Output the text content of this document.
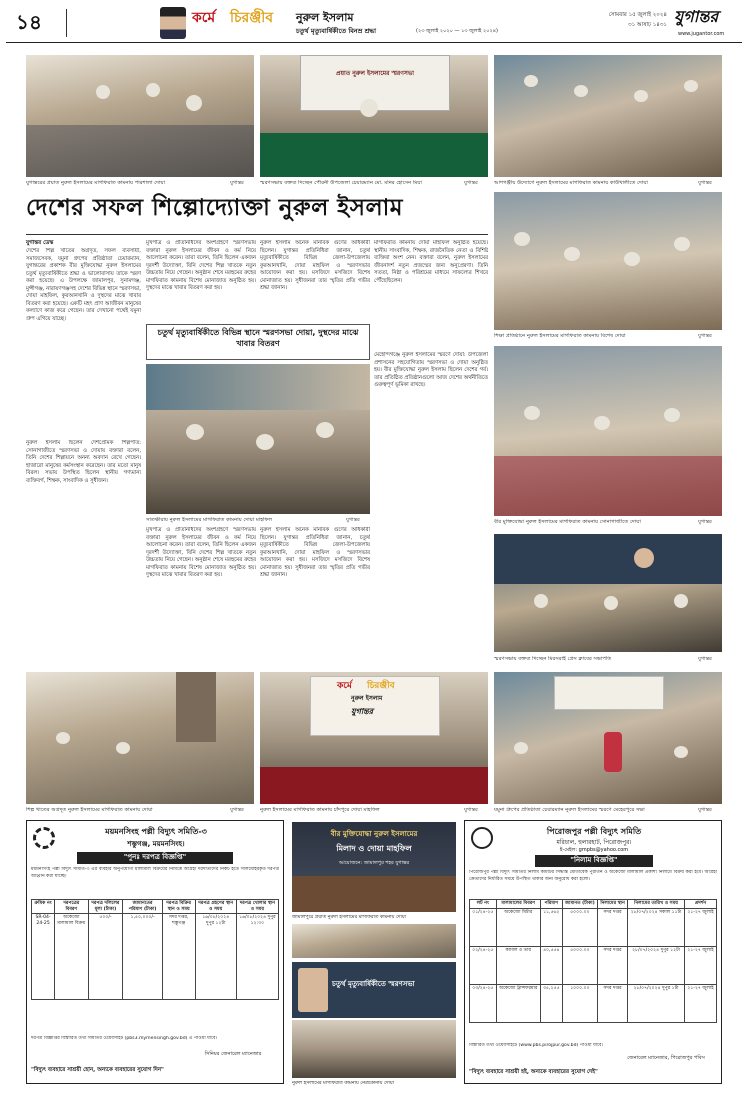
১৪	কর্মে চিরঞ্জীব নুরুল ইসলাম
চতুর্থ মৃত্যুবার্ষিকীতে বিনম্র শ্রদ্ধা	(২৩ জুলাই ২০২০ — ১৩ জুলাই ২০২৪)
সোমবার ১৫ জুলাই ২০২৪
৩১ আষাঢ় ১৪৩১ যুগান্তর
www.jugantor.com
যুগান্তরের প্রয়াত নুরুল ইসলামের মাগফিরাত কামনায় পারশালা দোয়া	যুগান্তর
প্রয়াত নুরুল ইসলামের স্মরণসভা
স্মরণসভায় বক্তব্য দিচ্ছেন পৌরনী উপজেলা চেয়ারম্যান মো. মনির হোসেন মিয়া	যুগান্তর	আশগঞ্জীয় উদ্যোগে নুরুল ইসলামের মাগফিরাত কামনায় কাউখালীতে দোয়া	যুগান্তর
দেশের সফল শিল্পোদ্যোক্তা নুরুল ইসলাম
শিক্ষা প্রতিষ্ঠানে নুরুল ইসলামের মাগফিরাত কামনায় বিশেষ দোয়া	যুগান্তর
বীর মুক্তিযোদ্ধা নুরুল ইসলামের মাগফিরাত কামনায় সোনাগাজীতে দোয়া	যুগান্তর
স্মরণসভায় বক্তব্য দিচ্ছেন মিরসরাই প্রেস ক্লাবের সভাপতি	যুগান্তর
যুগান্তর ডেস্ক
দেশের শিল্প খাতের অগ্রদূত, সফল ব্যবসায়ী, সমাজসেবক, যমুনা গ্রুপের প্রতিষ্ঠাতা চেয়ারম্যান, যুগান্তরের প্রকাশক বীর মুক্তিযোদ্ধা নুরুল ইসলামের চতুর্থ মৃত্যুবার্ষিকীতে শ্রদ্ধা ও ভালোবাসায় তাকে স্মরণ করা হয়েছে। এ উপলক্ষে জামালপুর, সুনামগঞ্জ, মুন্সীগঞ্জ, নারায়ণগঞ্জসহ দেশের বিভিন্ন স্থানে স্মরণসভা, দোয়া মাহফিল, কুরআনখানি ও দুস্থদের মাঝে খাবার বিতরণ করা হয়েছে। একটি মহৎ প্রাণ আজীবন মানুষের কল্যাণে কাজ করে গেছেন। তার দেখানো পথেই যমুনা গ্রুপ এগিয়ে যাচ্ছে।
নুরুল ইসলাম ছিলেন দেশপ্রেমিক শিল্পপতি: সোনাগাজীতে স্মরণসভা ও দোয়ায় বক্তারা বলেন, তিনি দেশের শিল্পায়নে অনন্য অবদান রেখে গেছেন। হাজারো মানুষের কর্মসংস্থান করেছেন। তার মতো মানুষ বিরল। সভায় উপস্থিত ছিলেন স্থানীয় গণ্যমান্য ব্যক্তিবর্গ, শিক্ষক, সাংবাদিক ও সুধীজন।
মুখপাত্র ও প্রতিনিধিদের অংশগ্রহণে স্মরণসভায় বক্তারা নুরুল ইসলামের জীবন ও কর্ম নিয়ে আলোচনা করেন। তারা বলেন, তিনি ছিলেন একজন দূরদর্শী উদ্যোক্তা, যিনি দেশের শিল্প খাতকে নতুন উচ্চতায় নিয়ে গেছেন। অনুষ্ঠান শেষে মরহুমের রুহের মাগফিরাত কামনায় বিশেষ মোনাজাত অনুষ্ঠিত হয়। দুস্থদের মাঝে খাবার বিতরণ করা হয়।
নুরুল ইসলাম অনেক মানবিক গুণের অধিকারী ছিলেন। যুগান্তর প্রতিনিধিরা জানান, চতুর্থ মৃত্যুবার্ষিকীতে বিভিন্ন জেলা-উপজেলায় কুরআনখানি, দোয়া মাহফিল ও স্মরণসভার আয়োজন করা হয়। মসজিদে মসজিদে বিশেষ মোনাজাত হয়। সুধীজনরা তার স্মৃতির প্রতি গভীর শ্রদ্ধা জানান।
মাগফিরাত কামনায় দোয়া মাহফিল অনুষ্ঠিত হয়েছে। স্থানীয় সাংবাদিক, শিক্ষক, রাজনৈতিক নেতা ও বিশিষ্ট ব্যক্তিরা অংশ নেন। বক্তারা বলেন, নুরুল ইসলামের জীবনাদর্শ নতুন প্রজন্মের জন্য অনুপ্রেরণা। তিনি সততা, নিষ্ঠা ও পরিশ্রমের মাধ্যমে সাফল্যের শিখরে পৌঁছেছিলেন।
মেহেন্দিগঞ্জে নুরুল ইসলামের স্মরণে দোয়া: উপজেলা প্রশাসনের সহযোগিতায় স্মরণসভা ও দোয়া অনুষ্ঠিত হয়। বীর মুক্তিযোদ্ধা নুরুল ইসলাম ছিলেন দেশের গর্ব। তার প্রতিষ্ঠিত প্রতিষ্ঠানগুলো আজ দেশের অর্থনীতিতে গুরুত্বপূর্ণ ভূমিকা রাখছে।
চতুর্থ মৃত্যুবার্ষিকীতে বিভিন্ন স্থানে স্মরণসভা দোয়া, দুস্থদের মাঝে খাবার বিতরণ
সাতক্ষীরায় নুরুল ইসলামের মাগফিরাত কামনায় দোয়া মাহফিল	যুগান্তর
মুখপাত্র ও প্রতিনিধিদের অংশগ্রহণে স্মরণসভায় বক্তারা নুরুল ইসলামের জীবন ও কর্ম নিয়ে আলোচনা করেন। তারা বলেন, তিনি ছিলেন একজন দূরদর্শী উদ্যোক্তা, যিনি দেশের শিল্প খাতকে নতুন উচ্চতায় নিয়ে গেছেন। অনুষ্ঠান শেষে মরহুমের রুহের মাগফিরাত কামনায় বিশেষ মোনাজাত অনুষ্ঠিত হয়। দুস্থদের মাঝে খাবার বিতরণ করা হয়।
নুরুল ইসলাম অনেক মানবিক গুণের অধিকারী ছিলেন। যুগান্তর প্রতিনিধিরা জানান, চতুর্থ মৃত্যুবার্ষিকীতে বিভিন্ন জেলা-উপজেলায় কুরআনখানি, দোয়া মাহফিল ও স্মরণসভার আয়োজন করা হয়। মসজিদে মসজিদে বিশেষ মোনাজাত হয়। সুধীজনরা তার স্মৃতির প্রতি গভীর শ্রদ্ধা জানান।
শিল্প খাতের অগ্রদূত নুরুল ইসলামের মাগফিরাত কামনায় দোয়া	যুগান্তর
কর্মে চিরঞ্জীব
নুরুল ইসলাম
যুগান্তর
নুরুল ইসলামের মাগফিরাত কামনায় চাঁদপুরে দোয়া মাহফিল	যুগান্তর	যমুনা গ্রুপের প্রতিষ্ঠাতা চেয়ারম্যান নুরুল ইসলামের স্মরণে মেহেরপুরে সভা	যুগান্তর
ময়মনসিংহ পল্লী বিদ্যুৎ সমিতি-৩
শম্ভুগঞ্জ, ময়মনসিংহ।
"পুনঃ দরপত্র বিজ্ঞপ্তি"
ময়মনসিংহ পল্লী বিদ্যুৎ সমিতি-৩ এর ব্যবহার অনুপযোগী মালামাল বিক্রয়ের নিমিত্তে আগ্রহী দরদাতাদের নিকট হতে সীলমোহরকৃত দরপত্র আহ্বান করা যাচ্ছে।
ক্রমিক নং	দরপত্রের বিবরণ	দরপত্র দলিলের মূল্য (টাকা)	জামানতের পরিমাণ (টাকা)	দরপত্র বিক্রির স্থান ও সময়	দরপত্র গ্রহণের স্থান ও সময়	দরপত্র খোলার স্থান ও সময়
SR-04-24-25	অকেজো মালামাল বিক্রয়	৫০০/-	১,৫০,০০০/-	সদর দপ্তর, শম্ভুগঞ্জ	১৬/০৮/২০২৪ দুপুর ১২টা	১৬/০৮/২০২৪ দুপুর ১২:৩০
দরপত্র বিজ্ঞপ্তির বিস্তারিত তথ্য সমিতির ওয়েবসাইট (pbs3.mymensingh.gov.bd) এ পাওয়া যাবে।
সিনিয়র জেনারেল ম্যানেজার
"বিদ্যুৎ ব্যবহারে সাশ্রয়ী হোন, অন্যকে ব্যবহারের সুযোগ দিন"
বীর মুক্তিযোদ্ধা নুরুল ইসলামের
মিলাদ ও দোয়া মাহফিল
আয়োজনে: জামালপুর শহর যুগান্তর
জামালপুরে প্রয়াত নুরুল ইসলামের মাগফিরাত কামনায় দোয়া
চতুর্থ মৃত্যুবার্ষিকীতে স্মরণসভা
নুরুল ইসলামের মাগফিরাত কামনায় নেত্রকোনায় দোয়া
পিরোজপুর পল্লী বিদ্যুৎ সমিতি
মরিচাল, হুলারহাট, পিরোজপুর।
ই-মেইল: gmpbs@yahoo.com
"নিলাম বিজ্ঞপ্তি"
পিরোজপুর পল্লী বিদ্যুৎ সমিতির নিলাম কমিটির সিদ্ধান্ত মোতাবেক পুরাতন ও অকেজো মালামাল প্রকাশ্য নিলামে বিক্রয় করা হবে। আগ্রহী ক্রেতাদের নির্ধারিত সময়ে উপস্থিত থাকার জন্য অনুরোধ করা হলো।
লট নং	মালামালের বিবরণ	পরিমাণ	জামানত (টাকা)	নিলামের স্থান	নিলামের তারিখ ও সময়	প্রদর্শন
০১/২৪-২৫	অকেজো মিটার	১১,৫৬২	৫০০০.০০	সদর দপ্তর	২৮/০৭/২০২৪ সকাল ১১টা	২১-২৭ জুলাই
০২/২৪-২৫	ক্যাবল ও তার	৪০,৫৫৪	৫০০০.০০	সদর দপ্তর	২৮/০৭/২০২৪ দুপুর ১২টা	২১-২৭ জুলাই
০৩/২৪-২৫	অকেজো ট্রান্সফরমার	৩৫,২৫৫	১০০০.০০	সদর দপ্তর	২৮/০৭/২০২৪ দুপুর ১টা	২১-২৭ জুলাই
বিস্তারিত তথ্য ওয়েবসাইটে (www.pbs.pirojpur.gov.bd) পাওয়া যাবে।
জেনারেল ম্যানেজার, পিরোজপুর পবিস
"বিদ্যুৎ ব্যবহারে সাশ্রয়ী হই, অন্যকে ব্যবহারের সুযোগ দেই"
